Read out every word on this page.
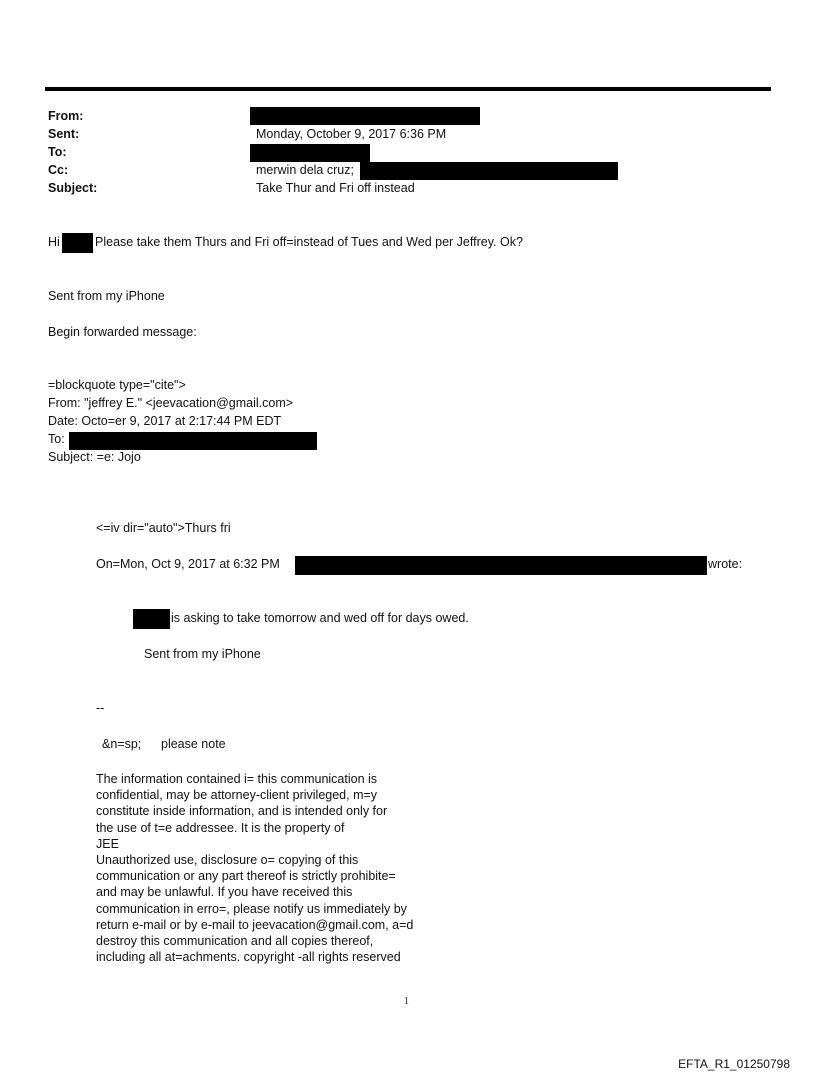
From:
Sent:	Monday, October 9, 2017 6:36 PM
To:
Cc:	merwin dela cruz;
Subject:	Take Thur and Fri off instead
Hi	Please take them Thurs and Fri off=instead of Tues and Wed per Jeffrey. Ok?
Sent from my iPhone
Begin forwarded message:
=blockquote type="cite">
From: "jeffrey E." <jeevacation@gmail.com>
Date: Octo=er 9, 2017 at 2:17:44 PM EDT
To:
Subject: =e: Jojo
<=iv dir="auto">Thurs fri
On=Mon, Oct 9, 2017 at 6:32 PM	wrote:
is asking to take tomorrow and wed off for days owed.
Sent from my iPhone
--
&n=sp; please note
The information contained i= this communication is
confidential, may be attorney-client privileged, m=y
constitute inside information, and is intended only for
the use of t=e addressee. It is the property of
JEE
Unauthorized use, disclosure o= copying of this
communication or any part thereof is strictly prohibite=
and may be unlawful. If you have received this
communication in erro=, please notify us immediately by
return e-mail or by e-mail to jeevacation@gmail.com, a=d
destroy this communication and all copies thereof,
including all at=achments. copyright -all rights reserved
1
EFTA_R1_01250798
